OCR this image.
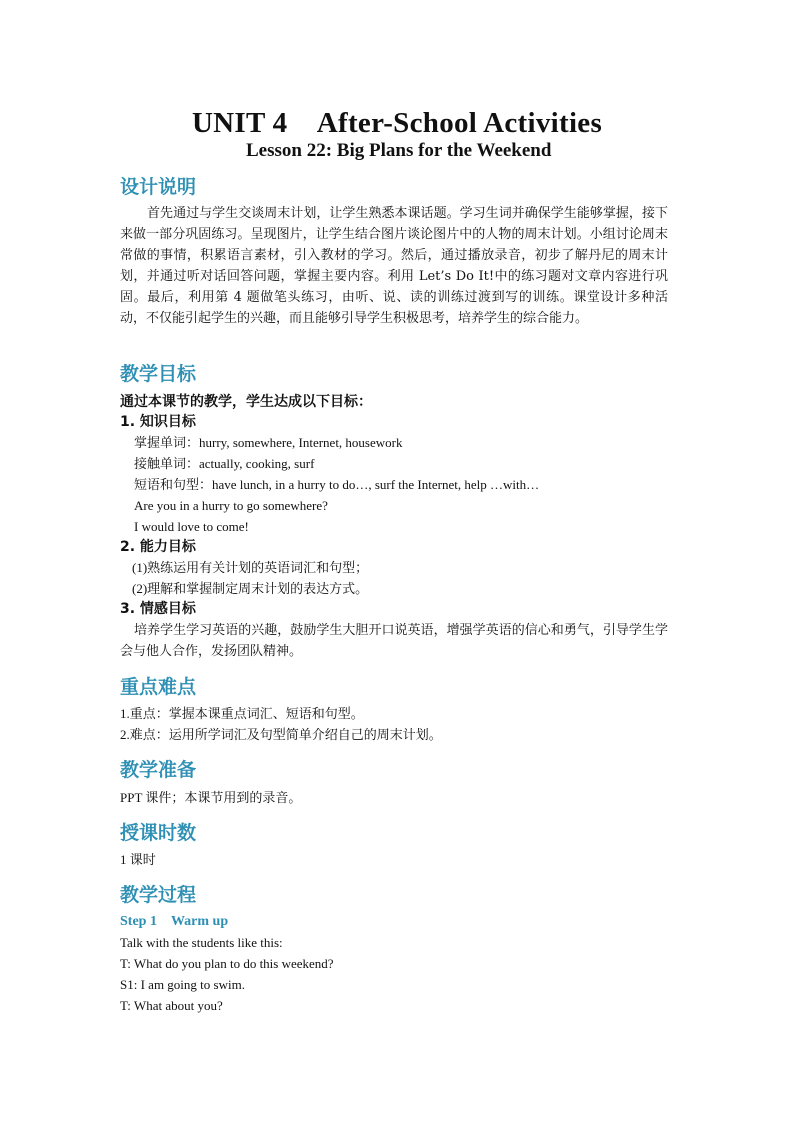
UNIT 4　After-School Activities
Lesson 22: Big Plans for the Weekend
设计说明
首先通过与学生交谈周末计划，让学生熟悉本课话题。学习生词并确保学生能够掌握，接下来做一部分巩固练习。呈现图片，让学生结合图片谈论图片中的人物的周末计划。小组讨论周末常做的事情，积累语言素材，引入教材的学习。然后，通过播放录音，初步了解丹尼的周末计划，并通过听对话回答问题，掌握主要内容。利用 Let’s Do It!中的练习题对文章内容进行巩固。最后，利用第 4 题做笔头练习，由听、说、读的训练过渡到写的训练。课堂设计多种活动，不仅能引起学生的兴趣，而且能够引导学生积极思考，培养学生的综合能力。
教学目标
通过本课节的教学，学生达成以下目标：
1. 知识目标
掌握单词：hurry, somewhere, Internet, housework
接触单词：actually, cooking, surf
短语和句型：have lunch, in a hurry to do…, surf the Internet, help …with…
Are you in a hurry to go somewhere?
I would love to come!
2. 能力目标
(1)熟练运用有关计划的英语词汇和句型；
(2)理解和掌握制定周末计划的表达方式。
3. 情感目标
培养学生学习英语的兴趣，鼓励学生大胆开口说英语，增强学英语的信心和勇气，引导学生学会与他人合作，发扬团队精神。
重点难点
1.重点：掌握本课重点词汇、短语和句型。
2.难点：运用所学词汇及句型简单介绍自己的周末计划。
教学准备
PPT 课件；本课节用到的录音。
授课时数
1 课时
教学过程
Step 1　Warm up
Talk with the students like this:
T: What do you plan to do this weekend?
S1: I am going to swim.
T: What about you?
